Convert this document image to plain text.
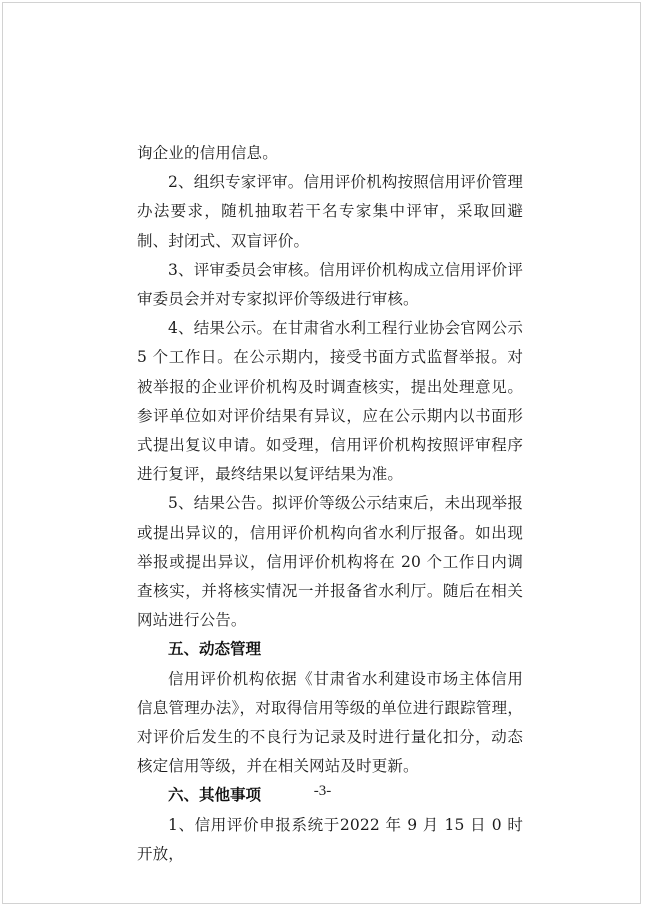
询企业的信用信息。

2、组织专家评审。信用评价机构按照信用评价管理办法要求，随机抽取若干名专家集中评审，采取回避制、封闭式、双盲评价。

3、评审委员会审核。信用评价机构成立信用评价评审委员会并对专家拟评价等级进行审核。

4、结果公示。在甘肃省水利工程行业协会官网公示 5 个工作日。在公示期内，接受书面方式监督举报。对被举报的企业评价机构及时调查核实，提出处理意见。参评单位如对评价结果有异议，应在公示期内以书面形式提出复议申请。如受理，信用评价机构按照评审程序进行复评，最终结果以复评结果为准。

5、结果公告。拟评价等级公示结束后，未出现举报或提出异议的，信用评价机构向省水利厅报备。如出现举报或提出异议，信用评价机构将在 20 个工作日内调查核实，并将核实情况一并报备省水利厅。随后在相关网站进行公告。

五、动态管理

信用评价机构依据《甘肃省水利建设市场主体信用信息管理办法》，对取得信用等级的单位进行跟踪管理，对评价后发生的不良行为记录及时进行量化扣分，动态核定信用等级，并在相关网站及时更新。

六、其他事项

1、信用评价申报系统于2022 年 9 月 15 日 0 时开放，

-3-
